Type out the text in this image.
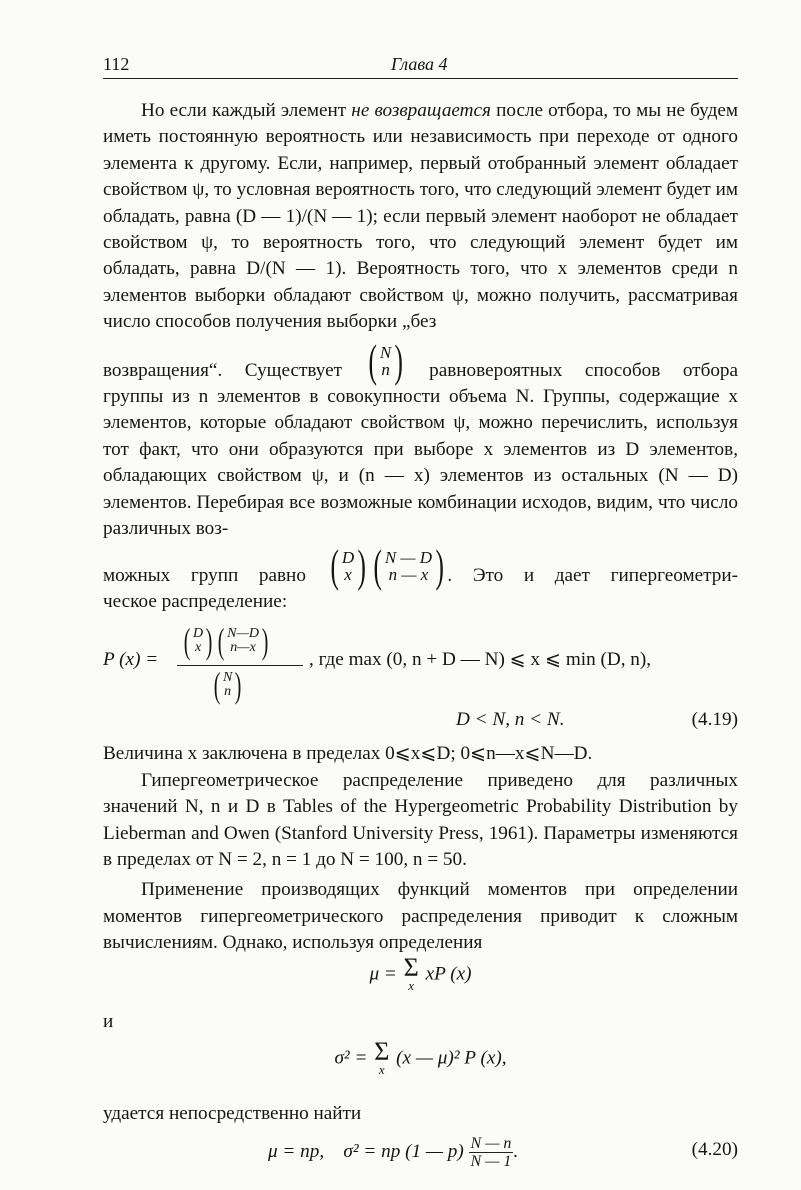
112	Глава 4

Но если каждый элемент не возвращается после отбора, то мы не будем иметь постоянную вероятность или независимость при переходе от одного элемента к другому. Если, например, первый отобранный элемент обладает свойством ψ, то условная вероятность того, что следующий элемент будет им обладать, равна (D — 1)/(N — 1); если первый элемент наоборот не обладает свойством ψ, то вероятность того, что следующий элемент будет им обладать, равна D/(N — 1). Вероятность того, что x элементов среди n элементов выборки обладают свойством ψ, можно получить, рассматривая число способов получения выборки „без

возвращения“. Существует ( N
n ) равновероятных способов отбора

группы из n элементов в совокупности объема N. Группы, содержащие x элементов, которые обладают свойством ψ, можно перечислить, используя тот факт, что они образуются при выборе x элементов из D элементов, обладающих свойством ψ, и (n — x) элементов из остальных (N — D) элементов. Перебирая все возможные комбинации исходов, видим, что число различных воз-

можных групп равно ( D
x ) ( N — D
n — x ) . Это и дает гипергеометри-

ческое распределение:

P (x) = ( D
x ) ( N—D
n—x )
( N
n )
, где max (0, n + D — N) ⩽ x ⩽ min (D, n),
D < N, n < N.	(4.19)

Величина x заключена в пределах 0⩽x⩽D; 0⩽n—x⩽N—D.

Гипергеометрическое распределение приведено для различных значений N, n и D в Tables of the Hypergeometric Probability Distribution by Lieberman and Owen (Stanford University Press, 1961). Параметры изменяются в пределах от N = 2, n = 1 до N = 100, n = 50.

Применение производящих функций моментов при определении моментов гипергеометрического распределения приводит к сложным вычислениям. Однако, используя определения

μ = Σ
x
xP (x)

и

σ² = Σ
x
(x — μ)² P (x),

удается непосредственно найти

μ = np, σ² = np (1 — $p) \frac{N — n}{N — 1}$ .	(4.20)
